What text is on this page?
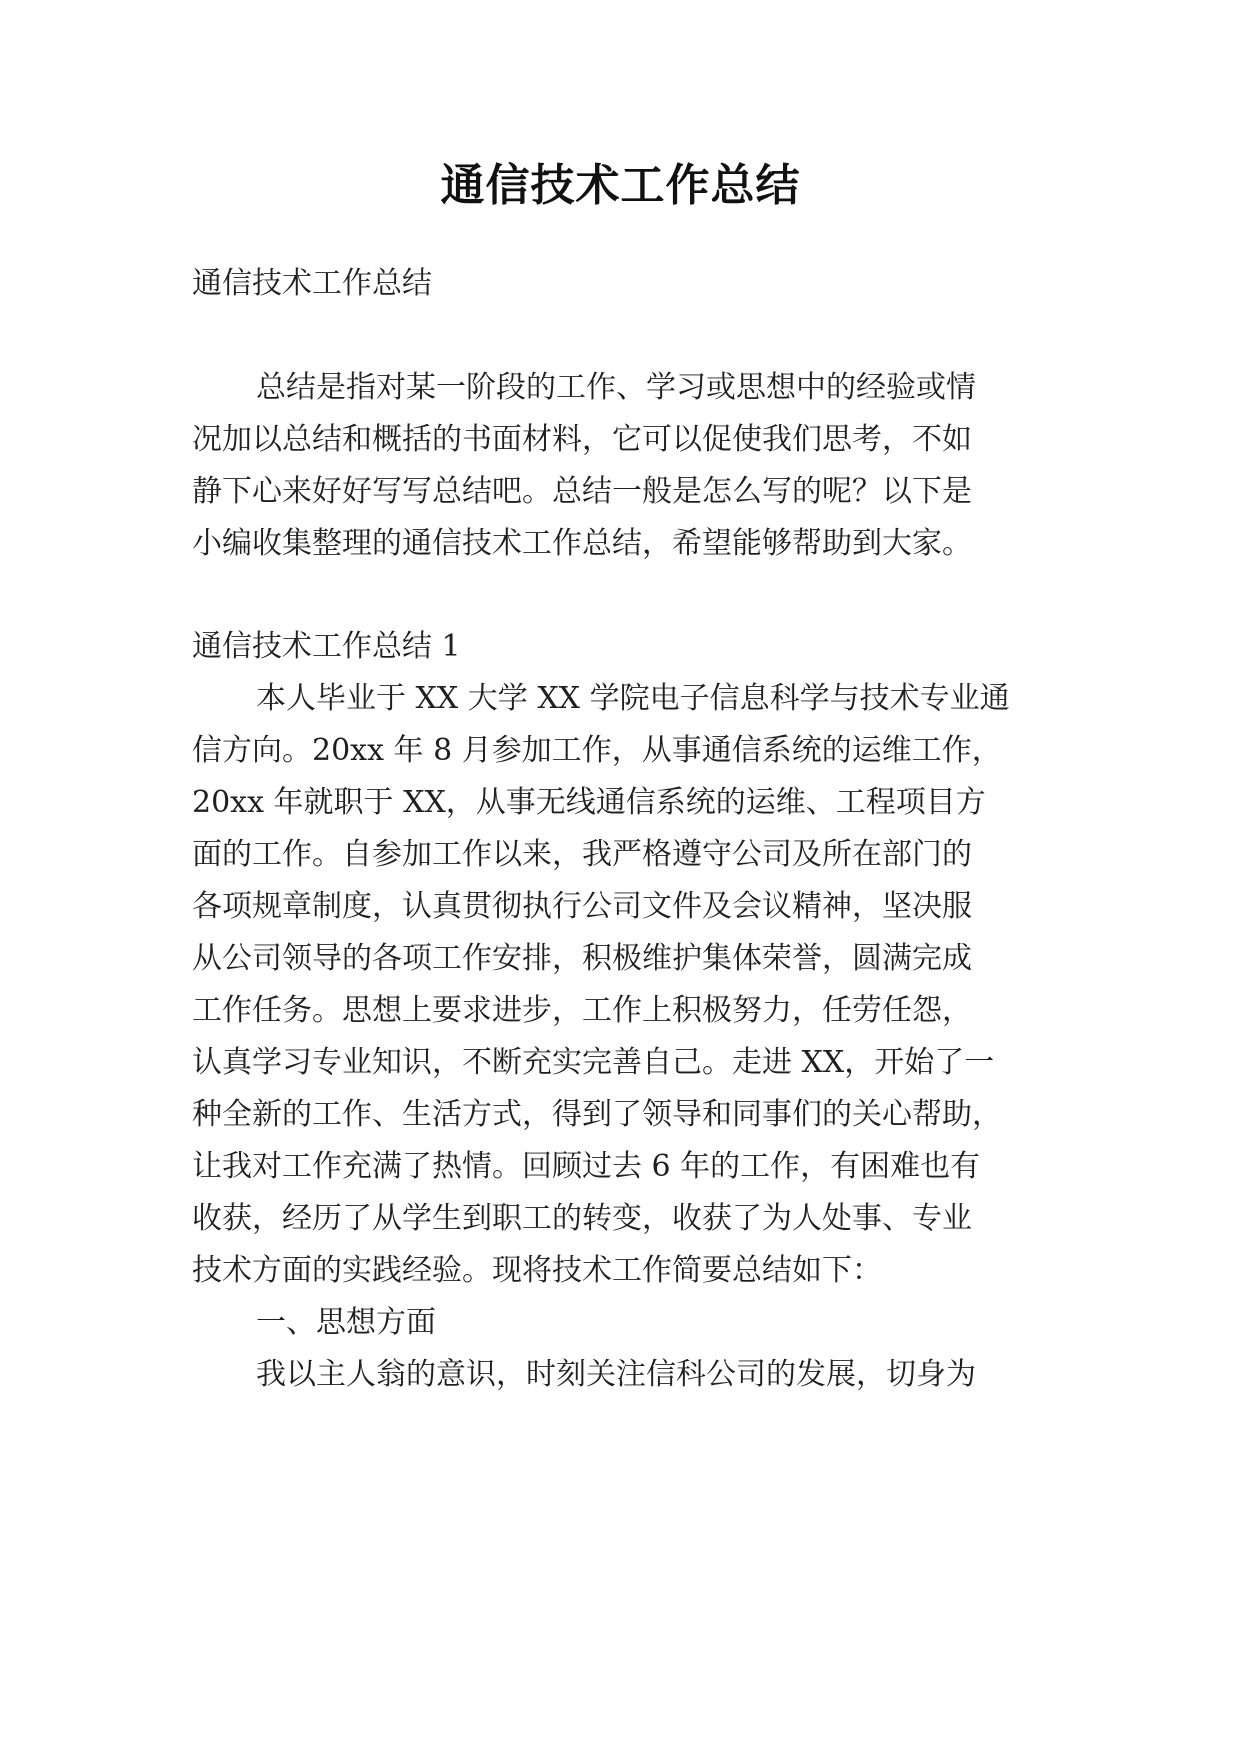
通信技术工作总结
通信技术工作总结
总结是指对某一阶段的工作、学习或思想中的经验或情
况加以总结和概括的书面材料，它可以促使我们思考，不如
静下心来好好写写总结吧。总结一般是怎么写的呢？以下是
小编收集整理的通信技术工作总结，希望能够帮助到大家。
通信技术工作总结 1
本人毕业于 XX 大学 XX 学院电子信息科学与技术专业通
信方向。20xx 年 8 月参加工作，从事通信系统的运维工作，
20xx 年就职于 XX，从事无线通信系统的运维、工程项目方
面的工作。自参加工作以来，我严格遵守公司及所在部门的
各项规章制度，认真贯彻执行公司文件及会议精神，坚决服
从公司领导的各项工作安排，积极维护集体荣誉，圆满完成
工作任务。思想上要求进步，工作上积极努力，任劳任怨，
认真学习专业知识，不断充实完善自己。走进 XX，开始了一
种全新的工作、生活方式，得到了领导和同事们的关心帮助，
让我对工作充满了热情。回顾过去 6 年的工作，有困难也有
收获，经历了从学生到职工的转变，收获了为人处事、专业
技术方面的实践经验。现将技术工作简要总结如下：
一、思想方面
我以主人翁的意识，时刻关注信科公司的发展，切身为
